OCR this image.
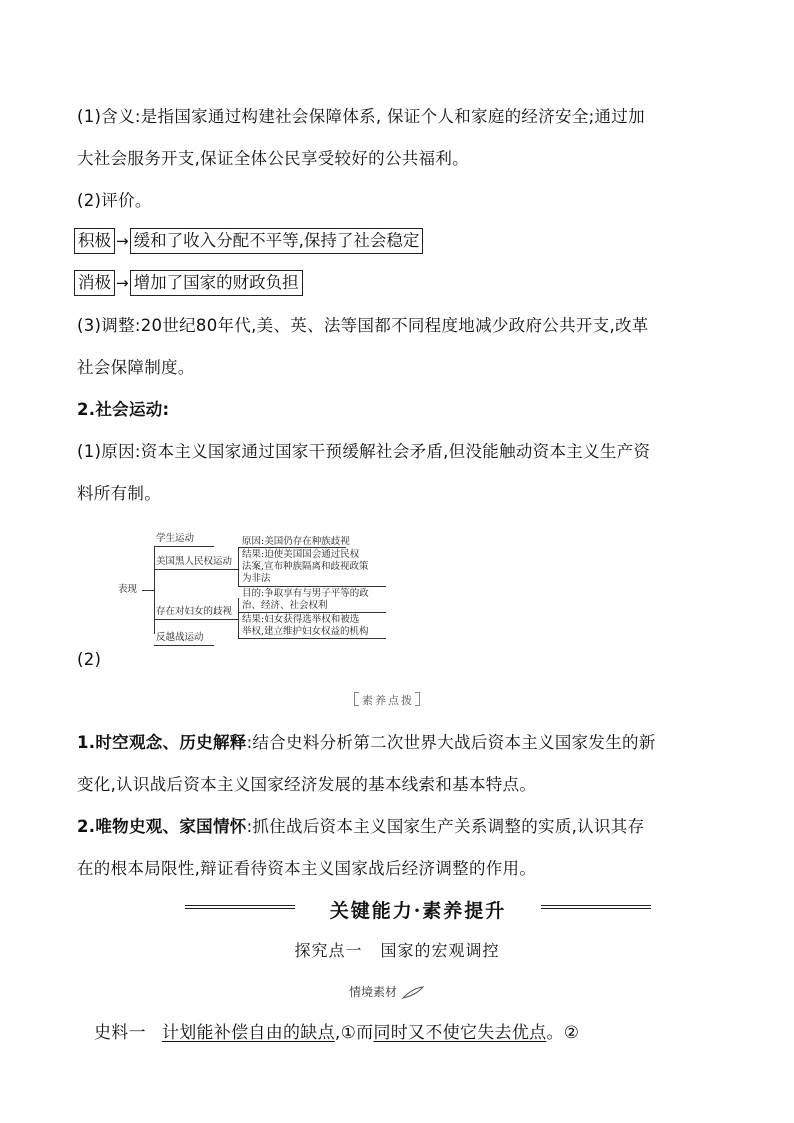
(1)含义:是指国家通过构建社会保障体系, 保证个人和家庭的经济安全;通过加
大社会服务开支,保证全体公民享受较好的公共福利。
(2)评价。
积极 → 缓和了收入分配不平等,保持了社会稳定
消极 → 增加了国家的财政负担
(3)调整:20世纪80年代,美、英、法等国都不同程度地减少政府公共开支,改革
社会保障制度。
2.社会运动:
(1)原因:资本主义国家通过国家干预缓解社会矛盾,但没能触动资本主义生产资
料所有制。
表现
学生运动
美国黑人民权运动
存在对妇女的歧视
反越战运动
原因:美国仍存在种族歧视
结果:迫使美国国会通过民权
法案,宣布种族隔离和歧视政策
为非法
目的:争取享有与男子平等的政
治、经济、社会权利
结果:妇女获得选举权和被选
举权,建立维护妇女权益的机构
(2)
素养点拨
1.时空观念、历史解释:结合史料分析第二次世界大战后资本主义国家发生的新
变化,认识战后资本主义国家经济发展的基本线索和基本特点。
2.唯物史观、家国情怀:抓住战后资本主义国家生产关系调整的实质,认识其存
在的根本局限性,辩证看待资本主义国家战后经济调整的作用。
关键能力·素养提升
探究点一 国家的宏观调控
情境素材
史料一 计划能补偿自由的缺点,①而同时又不使它失去优点。②
